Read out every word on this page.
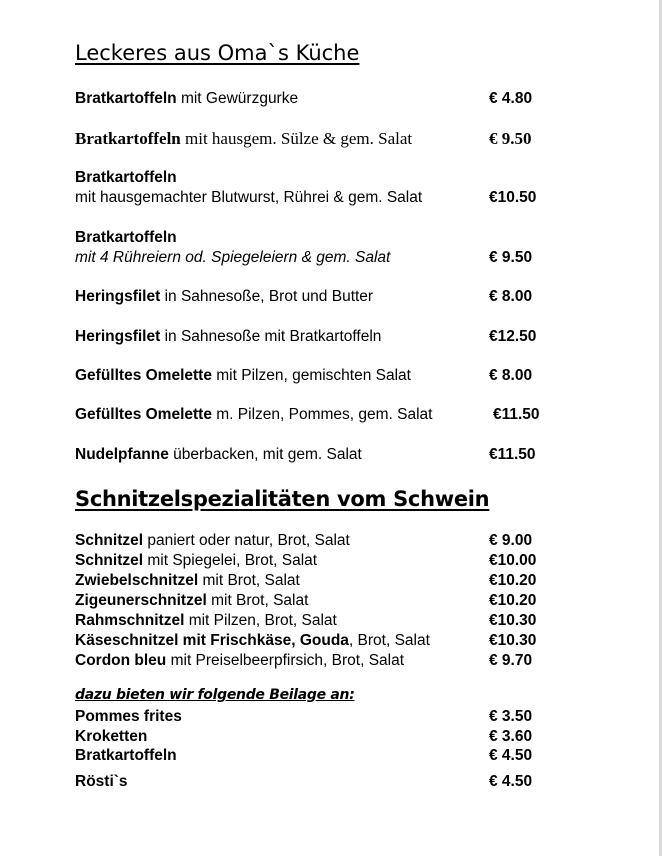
Leckeres aus Oma`s Küche
Bratkartoffeln mit Gewürzgurke	€ 4.80
Bratkartoffeln mit hausgem. Sülze & gem. Salat	€ 9.50
Bratkartoffeln
mit hausgemachter Blutwurst, Rührei & gem. Salat	€10.50
Bratkartoffeln
mit 4 Rühreiern od. Spiegeleiern & gem. Salat	€ 9.50
Heringsfilet in Sahnesoße, Brot und Butter	€ 8.00
Heringsfilet in Sahnesoße mit Bratkartoffeln	€12.50
Gefülltes Omelette mit Pilzen, gemischten Salat	€ 8.00
Gefülltes Omelette m. Pilzen, Pommes, gem. Salat	€11.50
Nudelpfanne überbacken, mit gem. Salat	€11.50
Schnitzelspezialitäten vom Schwein
Schnitzel paniert oder natur, Brot, Salat	€ 9.00
Schnitzel mit Spiegelei, Brot, Salat	€10.00
Zwiebelschnitzel mit Brot, Salat	€10.20
Zigeunerschnitzel mit Brot, Salat	€10.20
Rahmschnitzel mit Pilzen, Brot, Salat	€10.30
Käseschnitzel mit Frischkäse, Gouda, Brot, Salat	€10.30
Cordon bleu mit Preiselbeerpfirsich, Brot, Salat	€ 9.70
dazu bieten wir folgende Beilage an:
Pommes frites	€ 3.50
Kroketten	€ 3.60
Bratkartoffeln	€ 4.50
Rösti`s	€ 4.50
